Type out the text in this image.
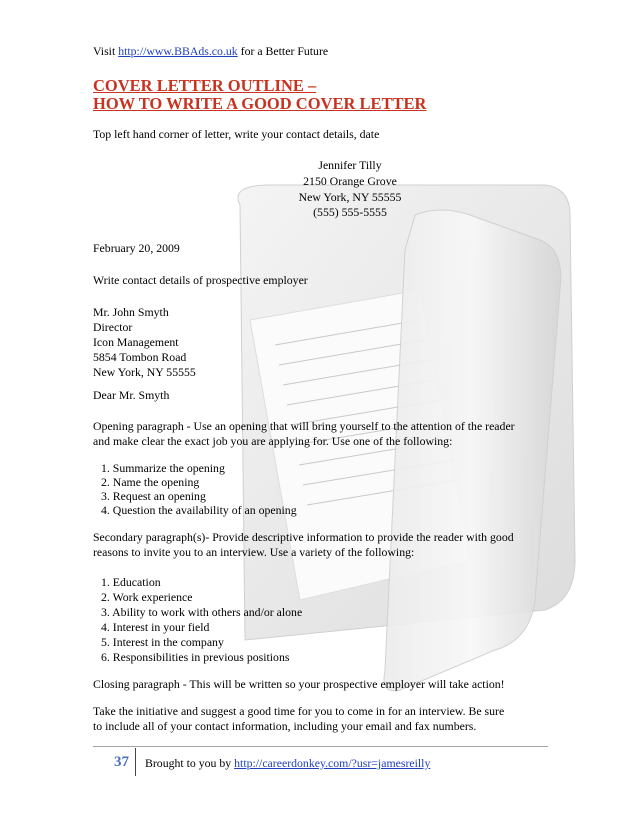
Visit http://www.BBAds.co.uk for a Better Future
COVER LETTER OUTLINE –
HOW TO WRITE A GOOD COVER LETTER
Top left hand corner of letter, write your contact details, date
Jennifer Tilly
2150 Orange Grove
New York, NY 55555
(555) 555-5555
February 20, 2009
Write contact details of prospective employer
Mr. John Smyth
Director
Icon Management
5854 Tombon Road
New York, NY 55555
Dear Mr. Smyth
Opening paragraph - Use an opening that will bring yourself to the attention of the reader
and make clear the exact job you are applying for. Use one of the following:
1. Summarize the opening
2. Name the opening
3. Request an opening
4. Question the availability of an opening
Secondary paragraph(s)- Provide descriptive information to provide the reader with good
reasons to invite you to an interview. Use a variety of the following:
1. Education
2. Work experience
3. Ability to work with others and/or alone
4. Interest in your field
5. Interest in the company
6. Responsibilities in previous positions
Closing paragraph - This will be written so your prospective employer will take action!
Take the initiative and suggest a good time for you to come in for an interview. Be sure
to include all of your contact information, including your email and fax numbers.
37 Brought to you by http://careerdonkey.com/?usr=jamesreilly
